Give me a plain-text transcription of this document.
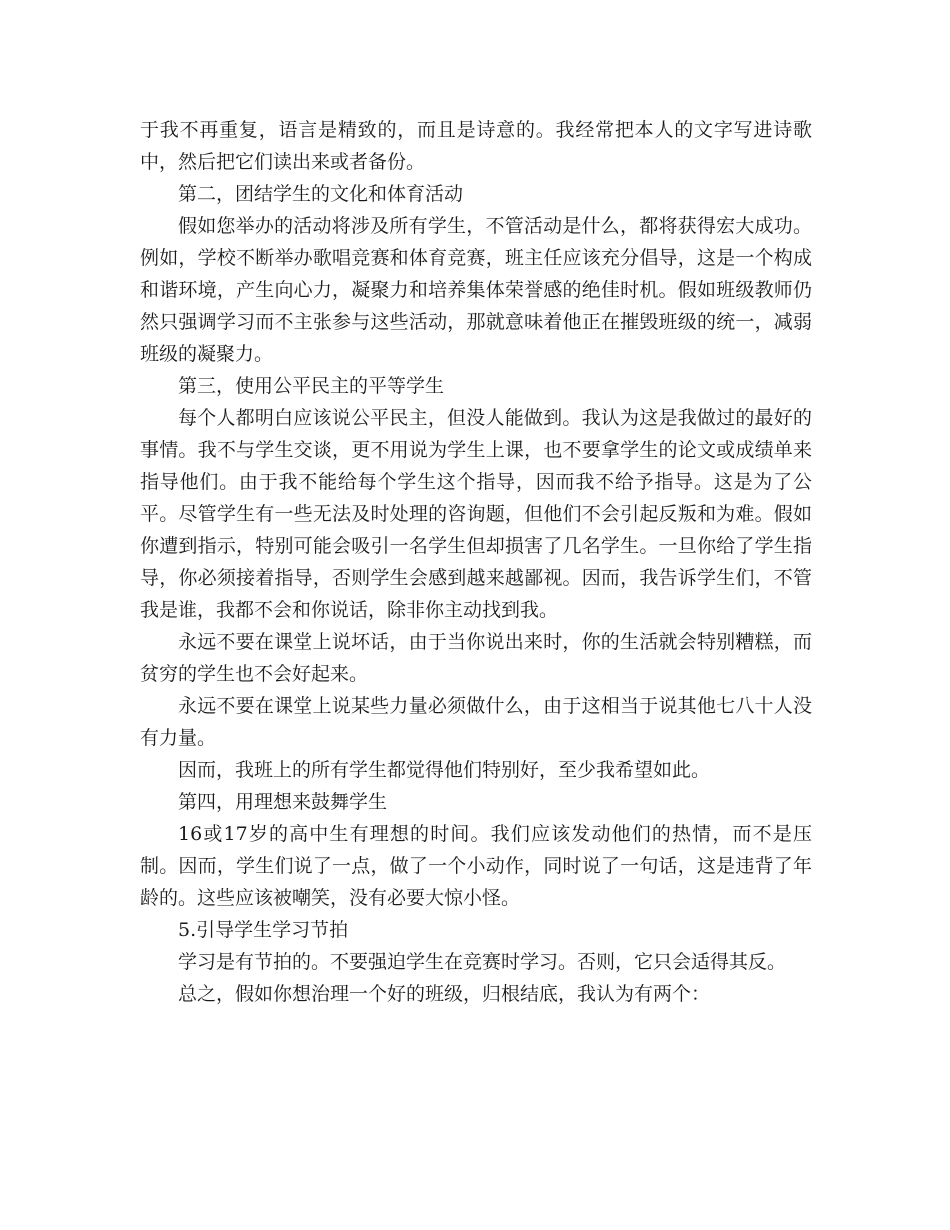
于我不再重复，语言是精致的，而且是诗意的。我经常把本人的文字写进诗歌中，然后把它们读出来或者备份。

第二，团结学生的文化和体育活动

假如您举办的活动将涉及所有学生，不管活动是什么，都将获得宏大成功。例如，学校不断举办歌唱竞赛和体育竞赛，班主任应该充分倡导，这是一个构成和谐环境，产生向心力，凝聚力和培养集体荣誉感的绝佳时机。假如班级教师仍然只强调学习而不主张参与这些活动，那就意味着他正在摧毁班级的统一，减弱班级的凝聚力。

第三，使用公平民主的平等学生

每个人都明白应该说公平民主，但没人能做到。我认为这是我做过的最好的事情。我不与学生交谈，更不用说为学生上课，也不要拿学生的论文或成绩单来指导他们。由于我不能给每个学生这个指导，因而我不给予指导。这是为了公平。尽管学生有一些无法及时处理的咨询题，但他们不会引起反叛和为难。假如你遭到指示，特别可能会吸引一名学生但却损害了几名学生。一旦你给了学生指导，你必须接着指导，否则学生会感到越来越鄙视。因而，我告诉学生们，不管我是谁，我都不会和你说话，除非你主动找到我。

永远不要在课堂上说坏话，由于当你说出来时，你的生活就会特别糟糕，而贫穷的学生也不会好起来。

永远不要在课堂上说某些力量必须做什么，由于这相当于说其他七八十人没有力量。

因而，我班上的所有学生都觉得他们特别好，至少我希望如此。

第四，用理想来鼓舞学生

16或17岁的高中生有理想的时间。我们应该发动他们的热情，而不是压制。因而，学生们说了一点，做了一个小动作，同时说了一句话，这是违背了年龄的。这些应该被嘲笑，没有必要大惊小怪。

5.引导学生学习节拍

学习是有节拍的。不要强迫学生在竞赛时学习。否则，它只会适得其反。

总之，假如你想治理一个好的班级，归根结底，我认为有两个：
